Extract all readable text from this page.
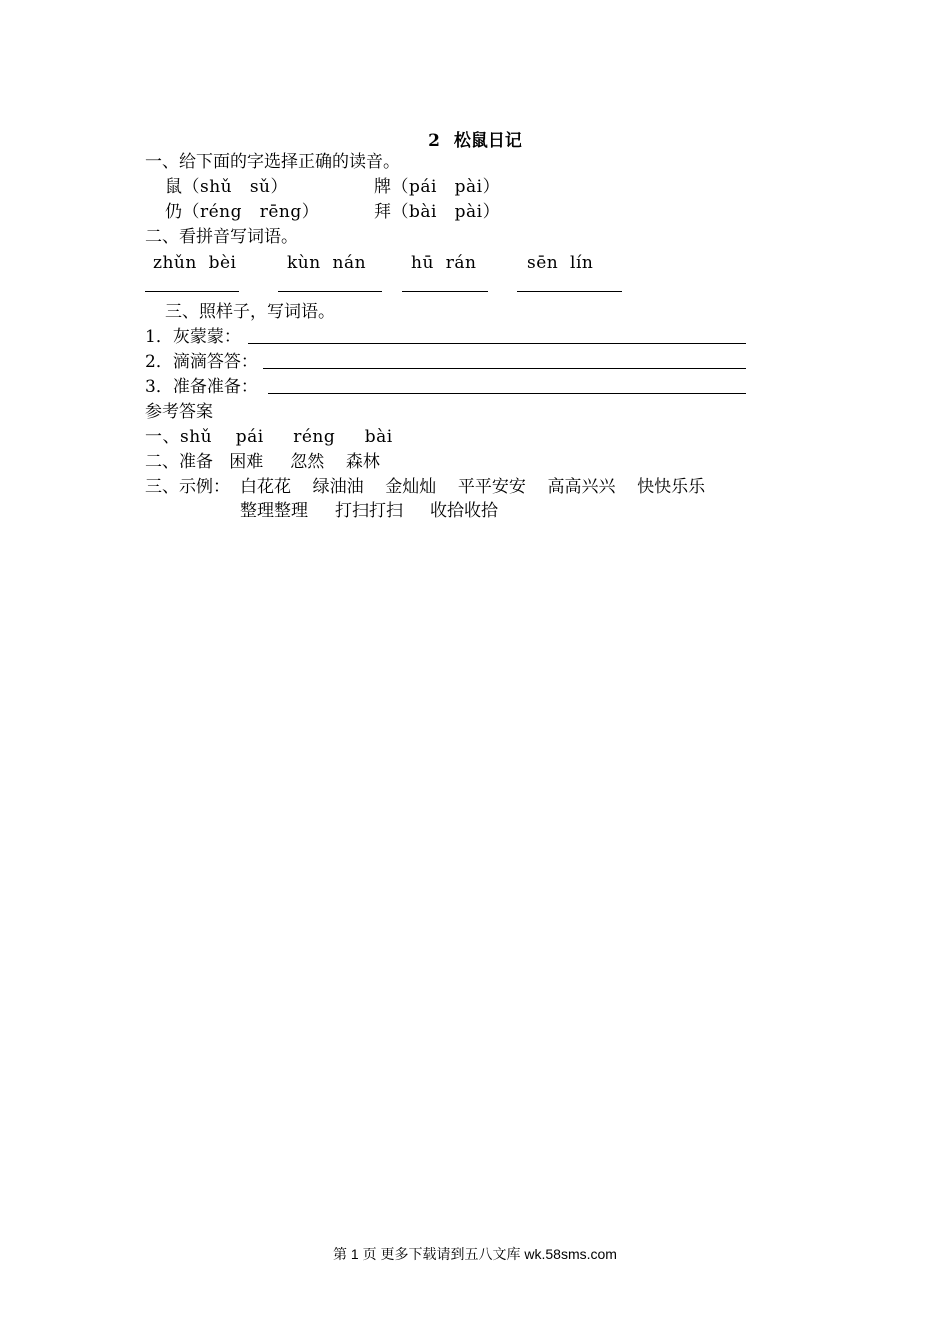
2 松鼠日记
一、给下面的字选择正确的读音。
鼠（shǔ   sǔ）	牌（pái   pài）
仍（réng   rēng）	拜（bài   pài）
二、看拼音写词语。
zhǔn  bèi	kùn  nán	hū  rán	sēn  lín
三、照样子，写词语。
1．灰蒙蒙：
2．滴滴答答：
3．准备准备：
参考答案
一、shǔ    pái     réng     bài
二、准备   困难     忽然    森林
三、示例： 白花花    绿油油    金灿灿    平平安安    高高兴兴    快快乐乐
整理整理     打扫打扫     收拾收拾
第 1 页 更多下载请到五八文库 wk.58sms.com
